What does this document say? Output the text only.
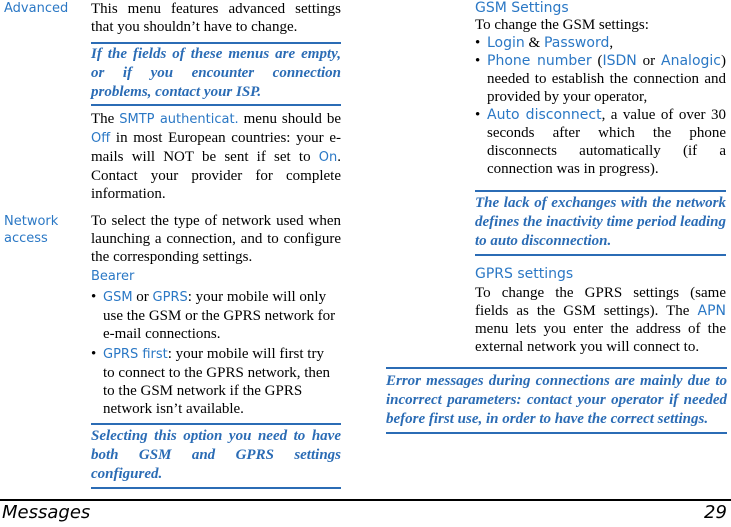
Advanced This menu features advanced settings that you shouldn’t have to change.

If the fields of these menus are empty, or if you encounter connection problems, contact your ISP.

The SMTP authenticat. menu should be Off in most European countries: your e-mails will NOT be sent if set to On. Contact your provider for complete information.

Network
access

To select the type of network used when launching a connection, and to configure the corresponding settings.

Bearer
• GSM or GPRS: your mobile will only use the GSM or the GPRS network for e-mail connections.
• GPRS first: your mobile will first try to connect to the GPRS network, then to the GSM network if the GPRS network isn’t available.

Selecting this option you need to have both GSM and GPRS settings configured.

GSM Settings

To change the GSM settings:

• Login & Password,
• Phone number (ISDN or Analogic) needed to establish the connection and provided by your operator,
• Auto disconnect, a value of over 30 seconds after which the phone disconnects automatically (if a connection was in progress).

The lack of exchanges with the network defines the inactivity time period leading to auto disconnection.

GPRS settings

To change the GPRS settings (same fields as the GSM settings). The APN menu lets you enter the address of the external network you will connect to.

Error messages during connections are mainly due to incorrect parameters: contact your operator if needed before first use, in order to have the correct settings.

Messages	29
